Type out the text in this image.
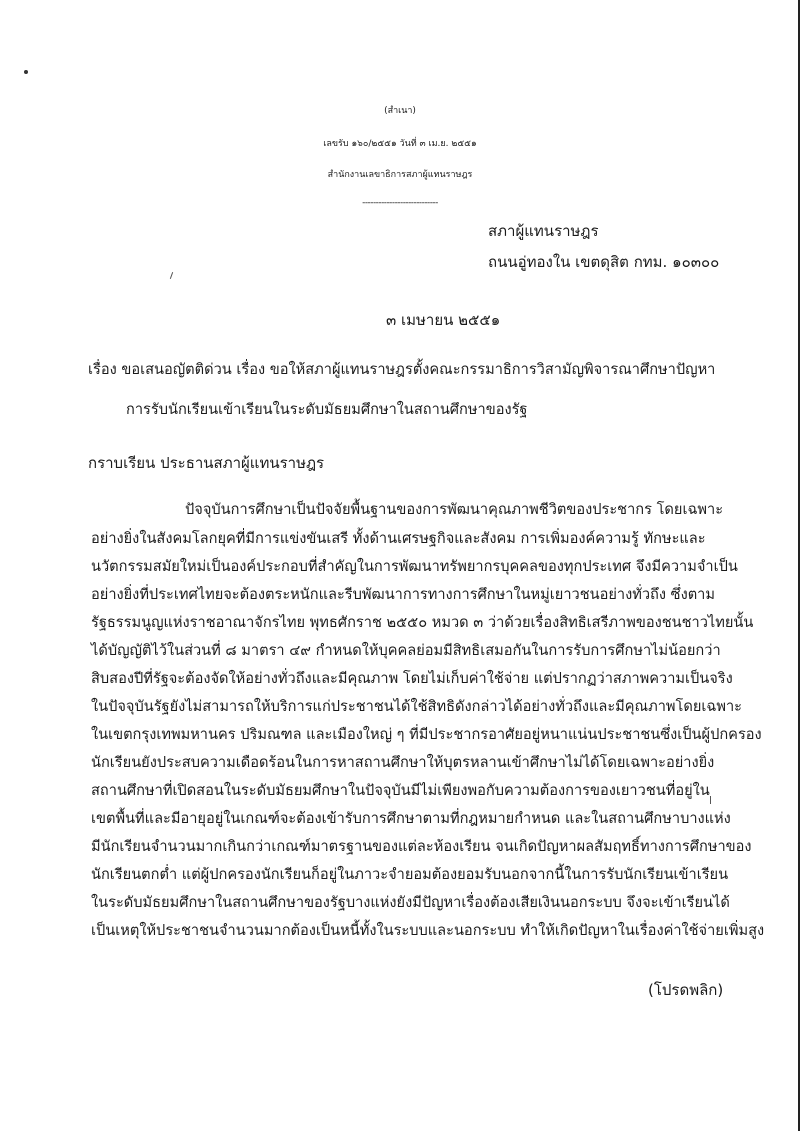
(สำเนา)
เลขรับ ๑๖๐/๒๕๕๑ วันที่ ๓ เม.ย. ๒๕๕๑
สำนักงานเลขาธิการสภาผู้แทนราษฎร
----------------------------
สภาผู้แทนราษฎร
ถนนอู่ทองใน เขตดุสิต กทม. ๑๐๓๐๐
๓ เมษายน ๒๕๕๑
เรื่อง ขอเสนอญัตติด่วน เรื่อง ขอให้สภาผู้แทนราษฎรตั้งคณะกรรมาธิการวิสามัญพิจารณาศึกษาปัญหา
การรับนักเรียนเข้าเรียนในระดับมัธยมศึกษาในสถานศึกษาของรัฐ
กราบเรียน ประธานสภาผู้แทนราษฎร
ปัจจุบันการศึกษาเป็นปัจจัยพื้นฐานของการพัฒนาคุณภาพชีวิตของประชากร โดยเฉพาะ
อย่างยิ่งในสังคมโลกยุคที่มีการแข่งขันเสรี ทั้งด้านเศรษฐกิจและสังคม การเพิ่มองค์ความรู้ ทักษะและ
นวัตกรรมสมัยใหม่เป็นองค์ประกอบที่สำคัญในการพัฒนาทรัพยากรบุคคลของทุกประเทศ จึงมีความจำเป็น
อย่างยิ่งที่ประเทศไทยจะต้องตระหนักและรีบพัฒนาการทางการศึกษาในหมู่เยาวชนอย่างทั่วถึง ซึ่งตาม
รัฐธรรมนูญแห่งราชอาณาจักรไทย พุทธศักราช ๒๕๕๐ หมวด ๓ ว่าด้วยเรื่องสิทธิเสรีภาพของชนชาวไทยนั้น
ได้บัญญัติไว้ในส่วนที่ ๘ มาตรา ๔๙ กำหนดให้บุคคลย่อมมีสิทธิเสมอกันในการรับการศึกษาไม่น้อยกว่า
สิบสองปีที่รัฐจะต้องจัดให้อย่างทั่วถึงและมีคุณภาพ โดยไม่เก็บค่าใช้จ่าย แต่ปรากฏว่าสภาพความเป็นจริง
ในปัจจุบันรัฐยังไม่สามารถให้บริการแก่ประชาชนได้ใช้สิทธิดังกล่าวได้อย่างทั่วถึงและมีคุณภาพโดยเฉพาะ
ในเขตกรุงเทพมหานคร ปริมณฑล และเมืองใหญ่ ๆ ที่มีประชากรอาศัยอยู่หนาแน่นประชาชนซึ่งเป็นผู้ปกครอง
นักเรียนยังประสบความเดือดร้อนในการหาสถานศึกษาให้บุตรหลานเข้าศึกษาไม่ได้โดยเฉพาะอย่างยิ่ง
สถานศึกษาที่เปิดสอนในระดับมัธยมศึกษาในปัจจุบันมีไม่เพียงพอกับความต้องการของเยาวชนที่อยู่ใน
เขตพื้นที่และมีอายุอยู่ในเกณฑ์จะต้องเข้ารับการศึกษาตามที่กฎหมายกำหนด และในสถานศึกษาบางแห่ง
มีนักเรียนจำนวนมากเกินกว่าเกณฑ์มาตรฐานของแต่ละห้องเรียน จนเกิดปัญหาผลสัมฤทธิ์ทางการศึกษาของ
นักเรียนตกต่ำ แต่ผู้ปกครองนักเรียนก็อยู่ในภาวะจำยอมต้องยอมรับนอกจากนี้ในการรับนักเรียนเข้าเรียน
ในระดับมัธยมศึกษาในสถานศึกษาของรัฐบางแห่งยังมีปัญหาเรื่องต้องเสียเงินนอกระบบ จึงจะเข้าเรียนได้
เป็นเหตุให้ประชาชนจำนวนมากต้องเป็นหนี้ทั้งในระบบและนอกระบบ ทำให้เกิดปัญหาในเรื่องค่าใช้จ่ายเพิ่มสูง
(โปรดพลิก)
